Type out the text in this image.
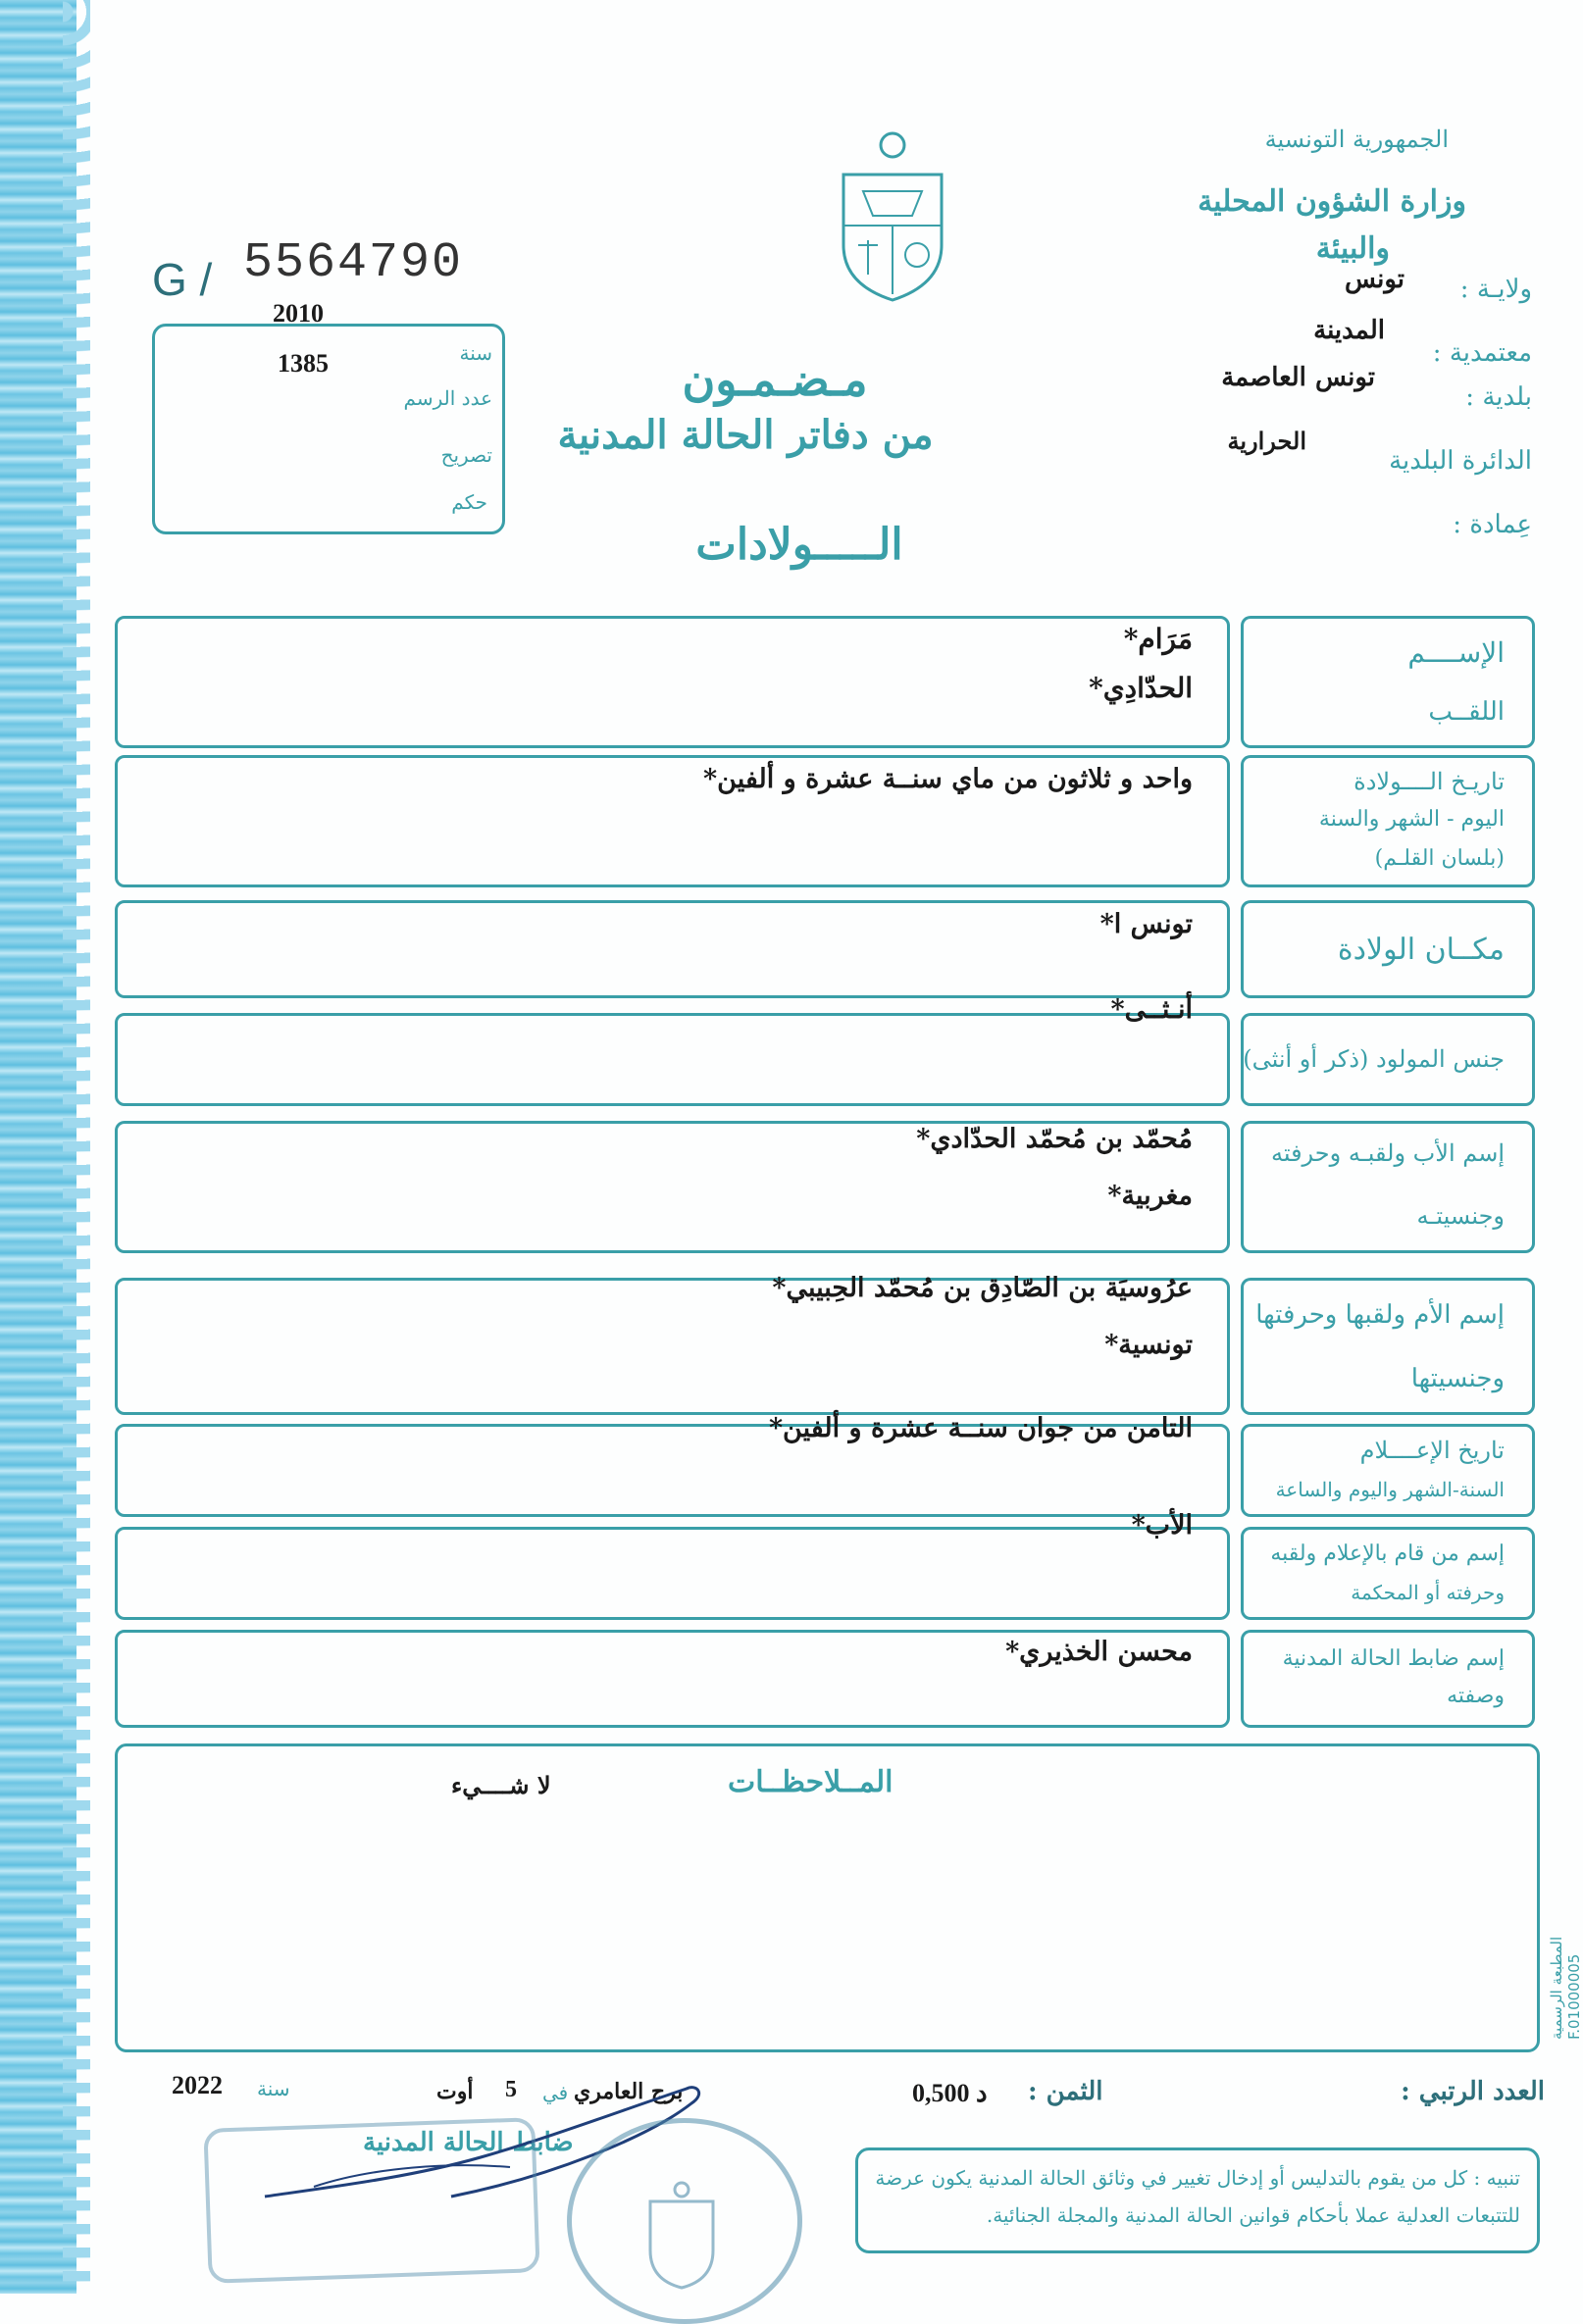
الجمهورية التونسية
وزارة الشؤون المحلية
والبيئة
ولايـة :
تونس
معتمدية :
المدينة
بلدية :
تونس العاصمة
الدائرة البلدية
الحرارية
عِمادة :
G / 5564790
2010
1385	سنة
عدد الرسم
تصريح
حكم
مـضـمـون
من دفاتر الحالة المدنية
الـــــولادات
الإســــم
اللقــب
مَرَام*
الحدّادِي*
تاريـخ الــــولادة
اليوم - الشهر والسنة
(بلسان القلـم)
واحد و ثلاثون من ماي سنــة عشرة و ألفين*
مكــان الولادة
تونس ا*
جنس المولود (ذكر أو أنثى)
أنـثــى*
إسم الأب ولقبـه وحرفته
وجنسيتـه
مُحمّد بن مُحمّد الحدّادي*
مغربية*
إسم الأم ولقبها وحرفتها
وجنسيتها
عرُوسيَة بن الصّادِق بن مُحمّد الحِبيبي*
تونسية*
تاريخ الإعــــلام
السنة-الشهر واليوم والساعة
التامن من جوان سنــة عشرة و ألفين*
إسم من قام بالإعلام ولقبه
وحرفته أو المحكمة
الأب*
إسم ضابط الحالة المدنية
وصفته
محسن الخذيري*
المــلاحظــات
لا شــــيء
المطبعة الرسمية F.01000005
العدد الرتبي :
الثمن :
0,500 د
2022 سنة	أوت 5 في برج العامري
ضابط الحالة المدنية
تنبيه : كل من يقوم بالتدليس أو إدخال تغيير في وثائق الحالة المدنية يكون عرضة للتتبعات العدلية عملا بأحكام قوانين الحالة المدنية والمجلة الجنائية.
